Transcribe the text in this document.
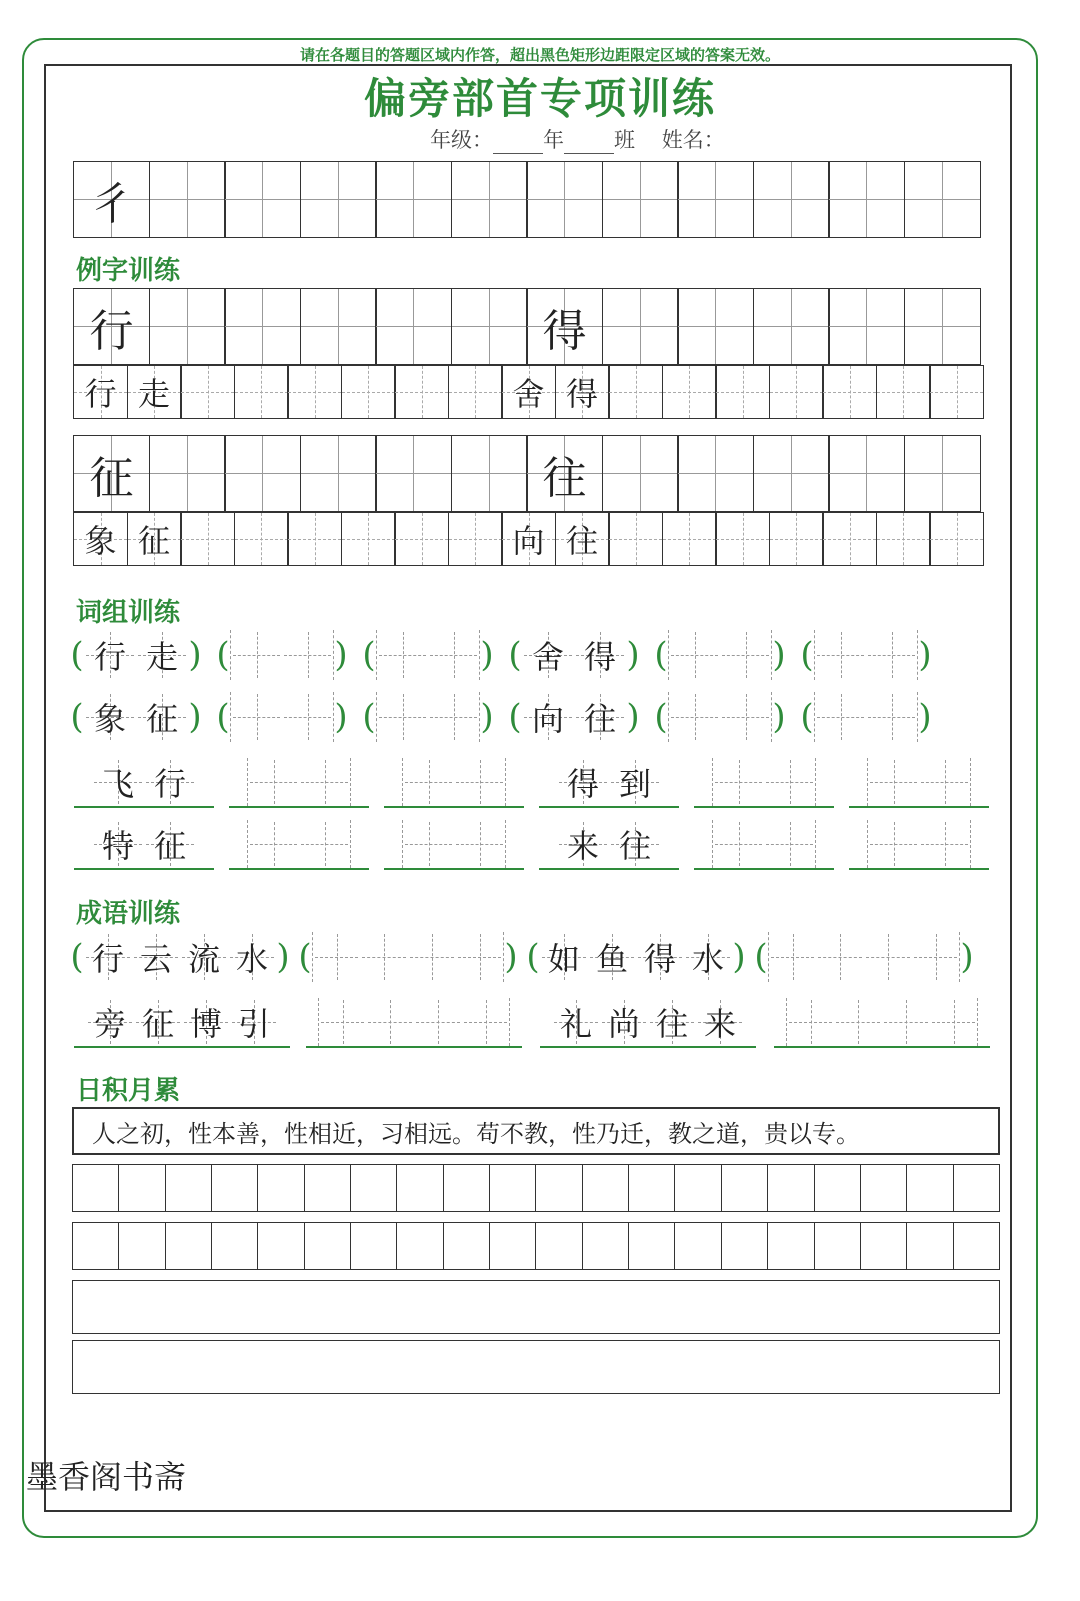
请在各题目的答题区域内作答，超出黑色矩形边距限定区域的答案无效。
偏旁部首专项训练
年级： 年 班 姓名：
彳
例字训练
行	得
行 走	舍 得
征	往
象 征	向 往
词组训练
( 行 走 ) (	) (	) ( 舍 得 ) (	) (	)
( 象 征 ) (	) (	) ( 向 往 ) (	) (	)
飞 行	得 到
特 征	来 往
成语训练
( 行 云 流 水 ) (	) ( 如 鱼 得 水 ) (	)
旁 征 博 引	礼 尚 往 来
日积月累
人之初，性本善，性相近，习相远。苟不教，性乃迁，教之道，贵以专。
墨香阁书斋
